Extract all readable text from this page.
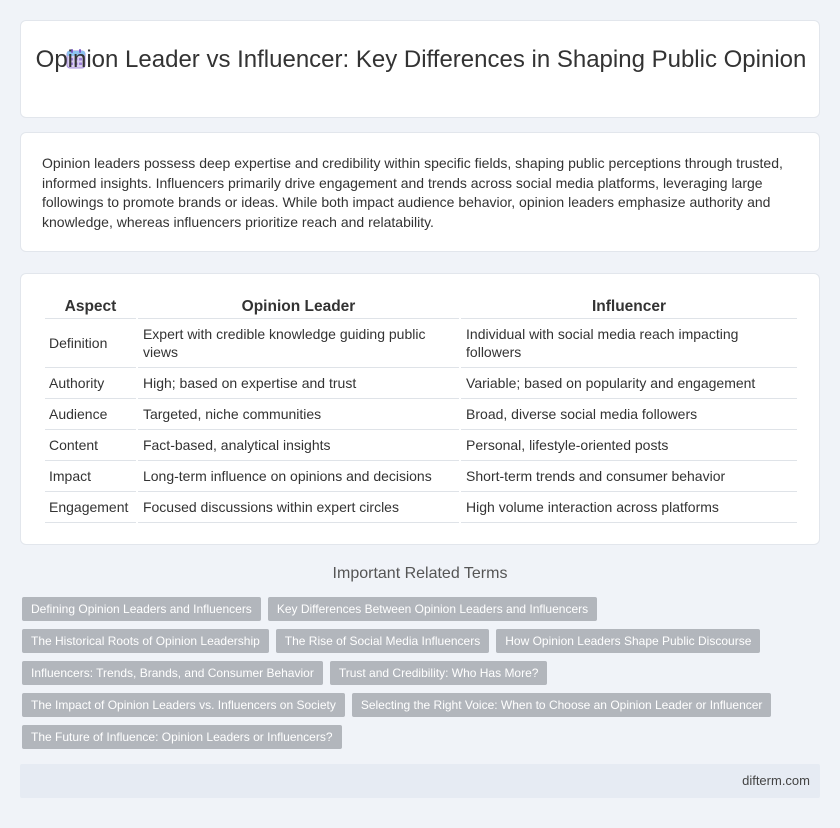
Opinion Leader vs Influencer: Key Differences in Shaping Public Opinion

Opinion leaders possess deep expertise and credibility within specific fields, shaping public perceptions through trusted, informed insights. Influencers primarily drive engagement and trends across social media platforms, leveraging large followings to promote brands or ideas. While both impact audience behavior, opinion leaders emphasize authority and knowledge, whereas influencers prioritize reach and relatability.

Aspect	Opinion Leader	Influencer
Definition	Expert with credible knowledge guiding public views	Individual with social media reach impacting followers
Authority	High; based on expertise and trust	Variable; based on popularity and engagement
Audience	Targeted, niche communities	Broad, diverse social media followers
Content	Fact-based, analytical insights	Personal, lifestyle-oriented posts
Impact	Long-term influence on opinions and decisions	Short-term trends and consumer behavior
Engagement	Focused discussions within expert circles	High volume interaction across platforms
Important Related Terms
Defining Opinion Leaders and Influencers	Key Differences Between Opinion Leaders and Influencers
The Historical Roots of Opinion Leadership	The Rise of Social Media Influencers	How Opinion Leaders Shape Public Discourse
Influencers: Trends, Brands, and Consumer Behavior	Trust and Credibility: Who Has More?
The Impact of Opinion Leaders vs. Influencers on Society	Selecting the Right Voice: When to Choose an Opinion Leader or Influencer
The Future of Influence: Opinion Leaders or Influencers?
difterm.com
